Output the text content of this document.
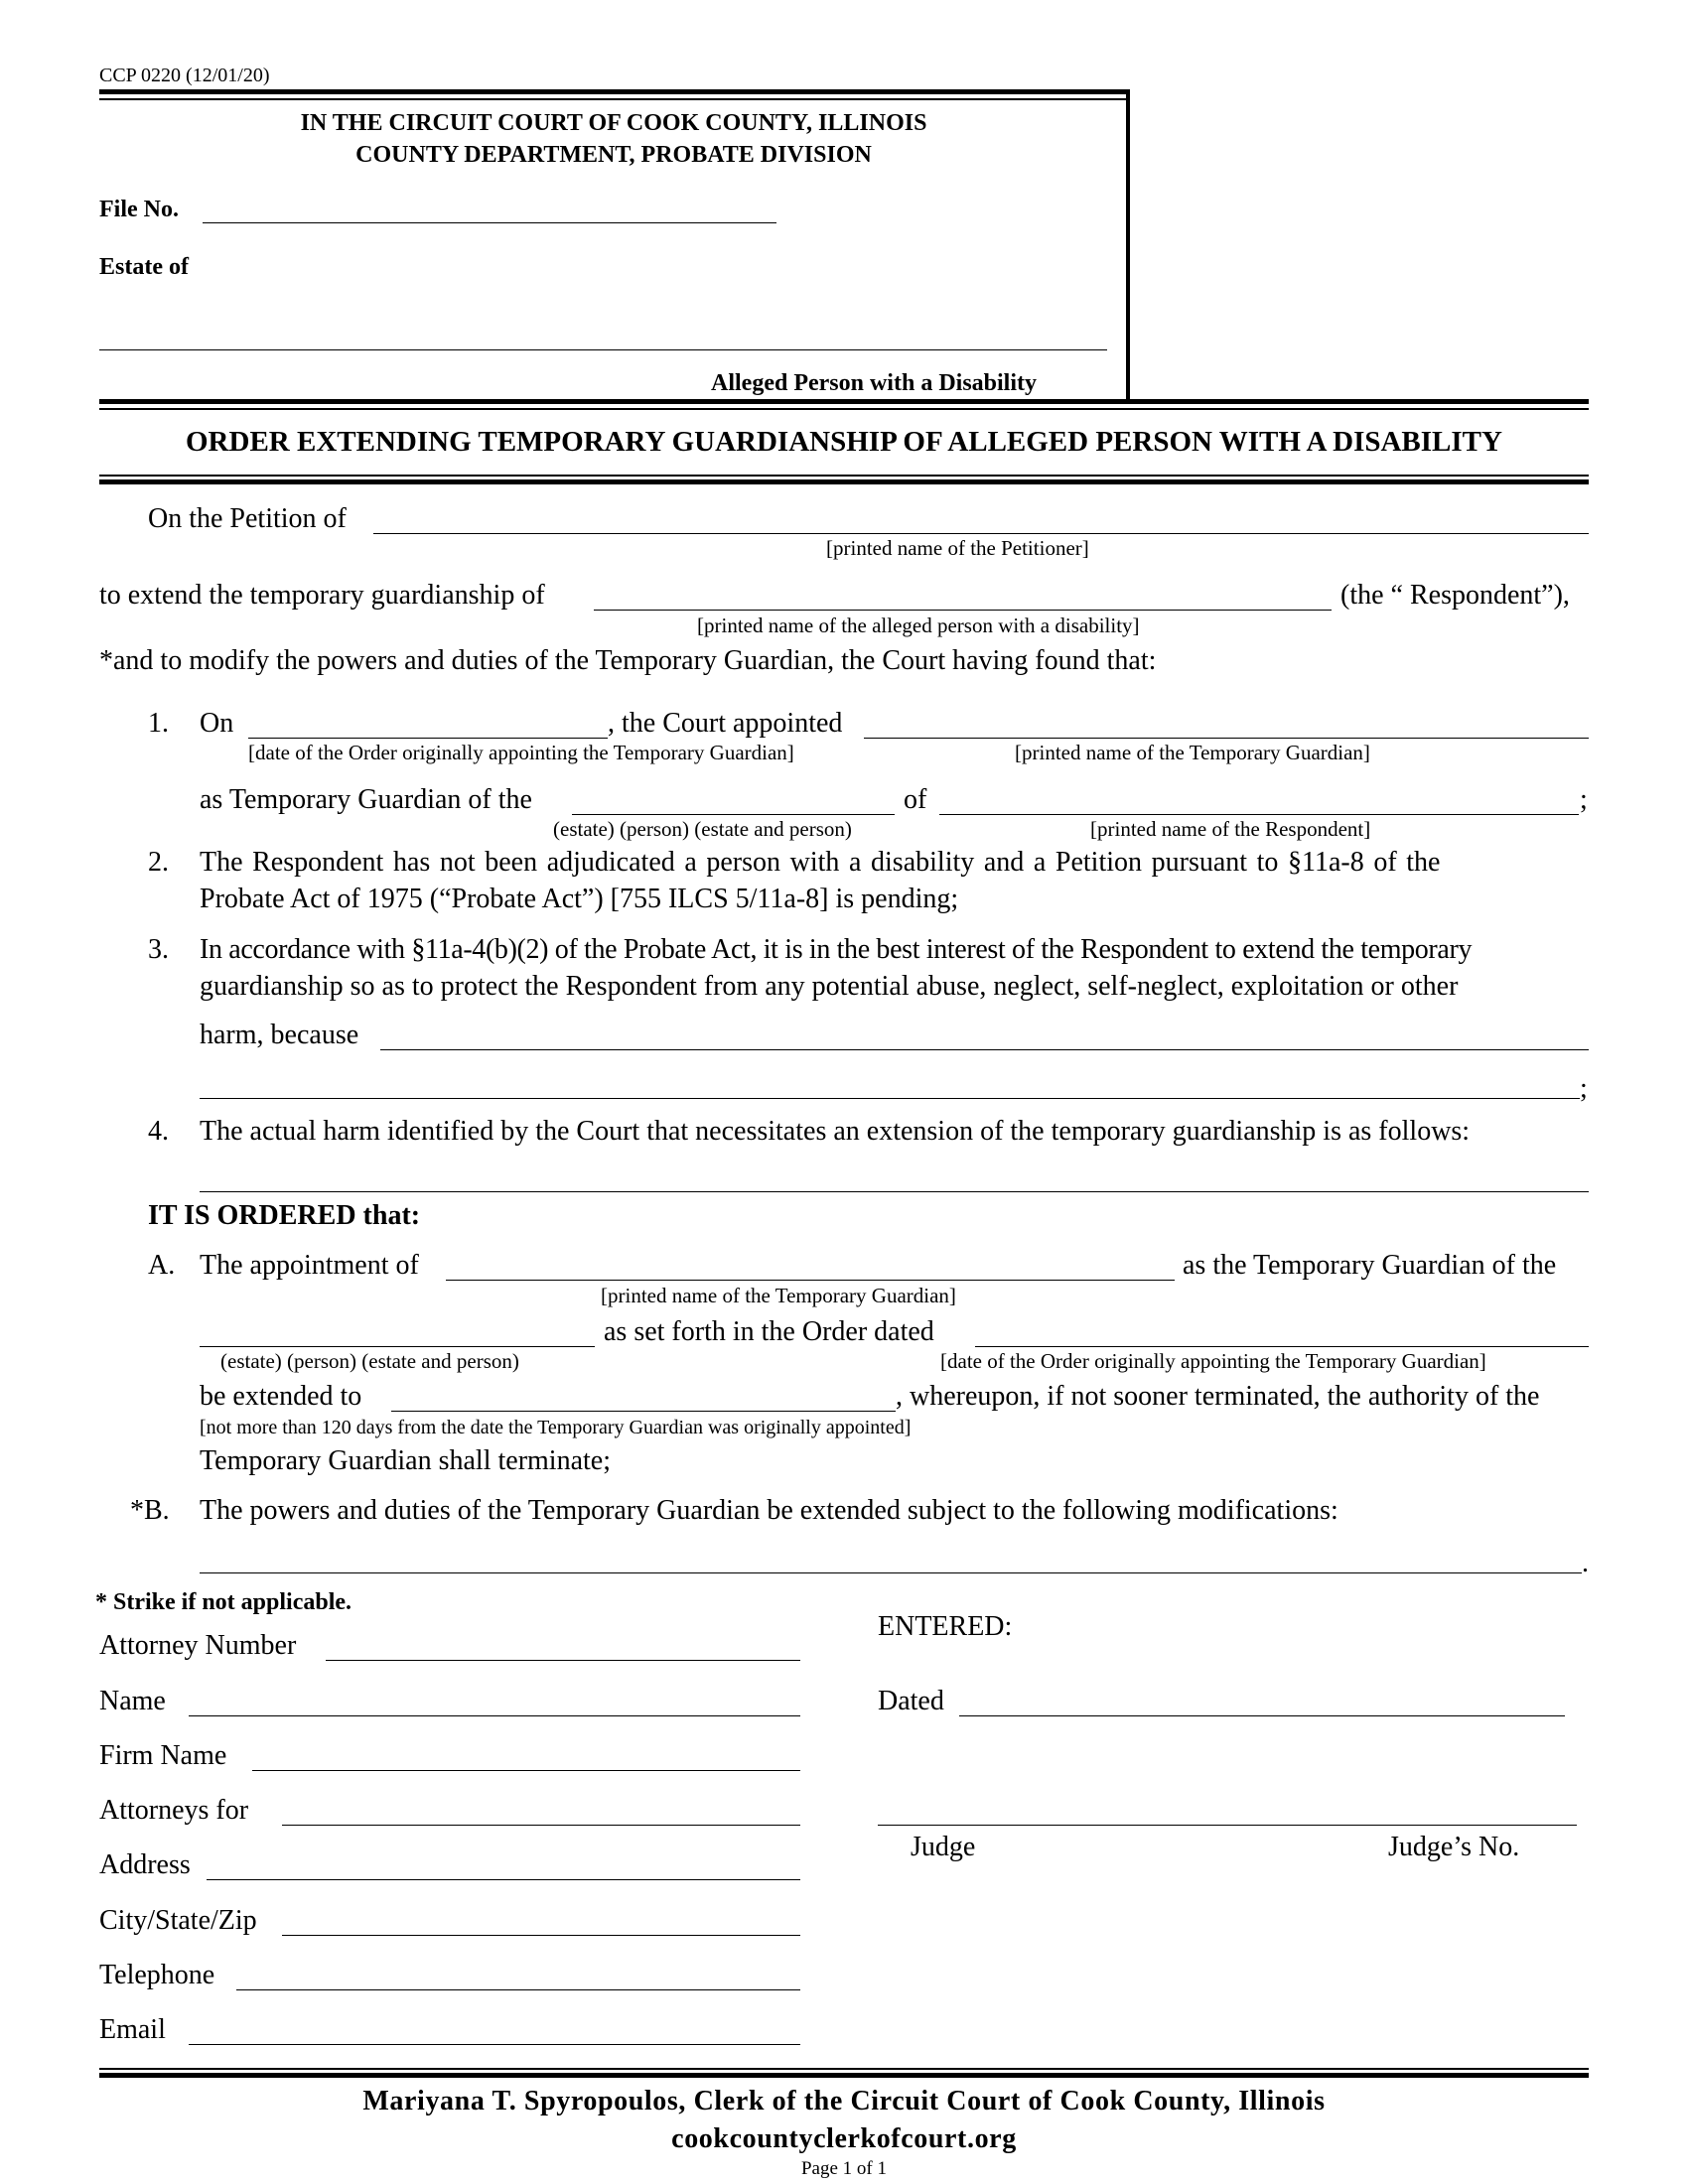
CCP 0220 (12/01/20)
IN THE CIRCUIT COURT OF COOK COUNTY, ILLINOIS
COUNTY DEPARTMENT, PROBATE DIVISION
File No.
Estate of
Alleged Person with a Disability
ORDER EXTENDING TEMPORARY GUARDIANSHIP OF ALLEGED PERSON WITH A DISABILITY
On the Petition of
[printed name of the Petitioner]
to extend the temporary guardianship of	(the “ Respondent”),
[printed name of the alleged person with a disability]
*and to modify the powers and duties of the Temporary Guardian, the Court having found that:
1. On	, the Court appointed
[date of the Order originally appointing the Temporary Guardian]	[printed name of the Temporary Guardian]
as Temporary Guardian of the	of	;
(estate) (person) (estate and person)	[printed name of the Respondent]
2. The Respondent has not been adjudicated a person with a disability and a Petition pursuant to §11a-8 of the
Probate Act of 1975 (“Probate Act”) [755 ILCS 5/11a-8] is pending;
3. In accordance with §11a-4(b)(2) of the Probate Act, it is in the best interest of the Respondent to extend the temporary
guardianship so as to protect the Respondent from any potential abuse, neglect, self-neglect, exploitation or other
harm, because
;
4. The actual harm identified by the Court that necessitates an extension of the temporary guardianship is as follows:
IT IS ORDERED that:
A. The appointment of	as the Temporary Guardian of the
[printed name of the Temporary Guardian]
as set forth in the Order dated
(estate) (person) (estate and person)	[date of the Order originally appointing the Temporary Guardian]
be extended to	, whereupon, if not sooner terminated, the authority of the
[not more than 120 days from the date the Temporary Guardian was originally appointed]
Temporary Guardian shall terminate;
*B. The powers and duties of the Temporary Guardian be extended subject to the following modifications:
.
* Strike if not applicable.
Attorney Number
Name
Firm Name
Attorneys for
Address
City/State/Zip
Telephone
Email
ENTERED:
Dated
Judge	Judge’s No.
Mariyana T. Spyropoulos, Clerk of the Circuit Court of Cook County, Illinois
cookcountyclerkofcourt.org
Page 1 of 1
